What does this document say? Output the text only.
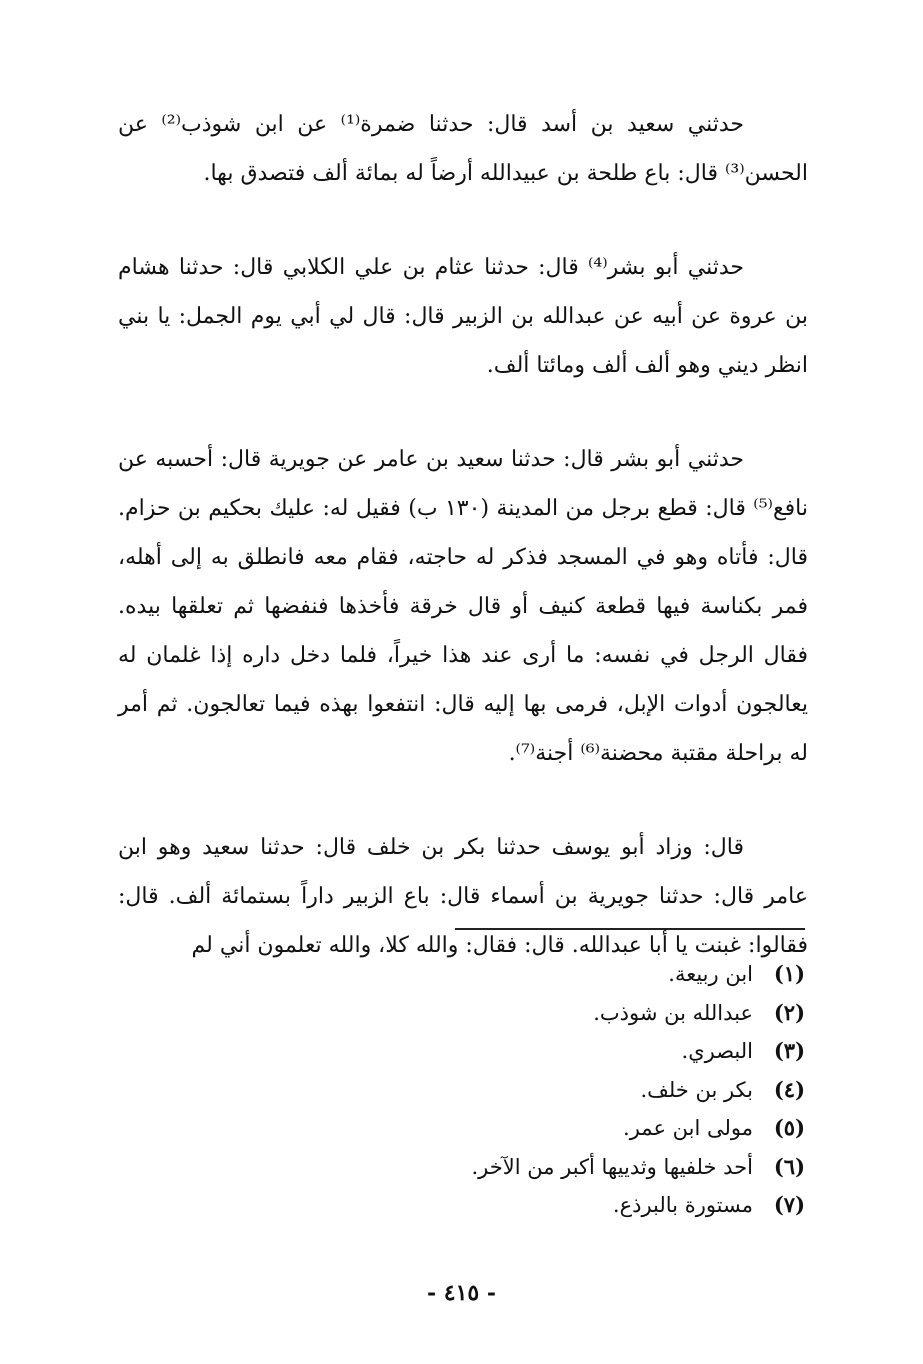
حدثني سعيد بن أسد قال: حدثنا ضمرة⁽¹⁾ عن ابن شوذب⁽²⁾ عن الحسن⁽³⁾ قال: باع طلحة بن عبيدالله أرضاً له بمائة ألف فتصدق بها.

حدثني أبو بشر⁽⁴⁾ قال: حدثنا عثام بن علي الكلابي قال: حدثنا هشام بن عروة عن أبيه عن عبدالله بن الزبير قال: قال لي أبي يوم الجمل: يا بني انظر ديني وهو ألف ألف ومائتا ألف.

حدثني أبو بشر قال: حدثنا سعيد بن عامر عن جويرية قال: أحسبه عن نافع⁽⁵⁾ قال: قطع برجل من المدينة (١٣٠ ب) فقيل له: عليك بحكيم بن حزام. قال: فأتاه وهو في المسجد فذكر له حاجته، فقام معه فانطلق به إلى أهله، فمر بكناسة فيها قطعة كنيف أو قال خرقة فأخذها فنفضها ثم تعلقها بيده. فقال الرجل في نفسه: ما أرى عند هذا خيراً، فلما دخل داره إذا غلمان له يعالجون أدوات الإبل، فرمى بها إليه قال: انتفعوا بهذه فيما تعالجون. ثم أمر له براحلة مقتبة محضنة⁽⁶⁾ أجنة⁽⁷⁾.

قال: وزاد أبو يوسف حدثنا بكر بن خلف قال: حدثنا سعيد وهو ابن عامر قال: حدثنا جويرية بن أسماء قال: باع الزبير داراً بستمائة ألف. قال: فقالوا: غبنت يا أبا عبدالله. قال: فقال: والله كلا، والله تعلمون أني لم

(١)ابن ربيعة.
(٢)عبدالله بن شوذب.
(٣)البصري.
(٤)بكر بن خلف.
(٥)مولى ابن عمر.
(٦)أحد خلفيها وثدييها أكبر من الآخر.
(٧)مستورة بالبرذع.
- ٤١٥ -
